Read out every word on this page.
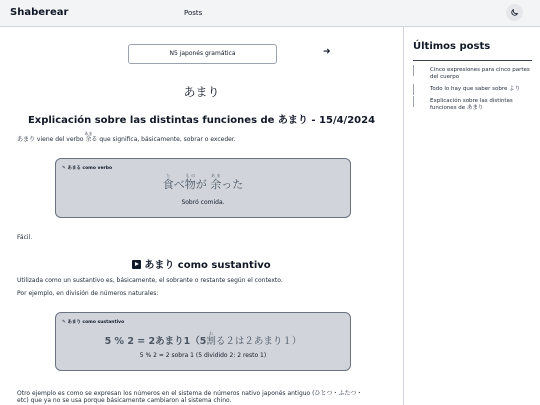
Shaberear	Posts
N5 japonés gramática	➜
あまり
Explicación sobre las distintas funciones de あまり - 15/4/2024
あまり viene del verbo 余あまる que significa, básicamente, sobrar o exceder.
✎ あまる como verbo
食たべ物ものが 余あまった
Sobró comida.
Fácil.
あまり como sustantivo
Utilizada como un sustantivo es, básicamente, el sobrante o restante según el contexto.
Por ejemplo, en división de números naturales:
✎ あまり como sustantivo
5 % 2 = 2あまり1（5割わる２は２あまり１）
5 % 2 = 2 sobra 1 (5 dividido 2: 2 resto 1)
Otro ejemplo es como se expresan los números en el sistema de números nativo japonés antiguo (ひとつ・ふたつ・
etc) que ya no se usa porque básicamente cambiaron al sistema chino.
Últimos posts
Cinco expresiones para cinco partes del cuerpo
Todo lo hay que saber sobre より
Explicación sobre las distintas funciones de あまり
